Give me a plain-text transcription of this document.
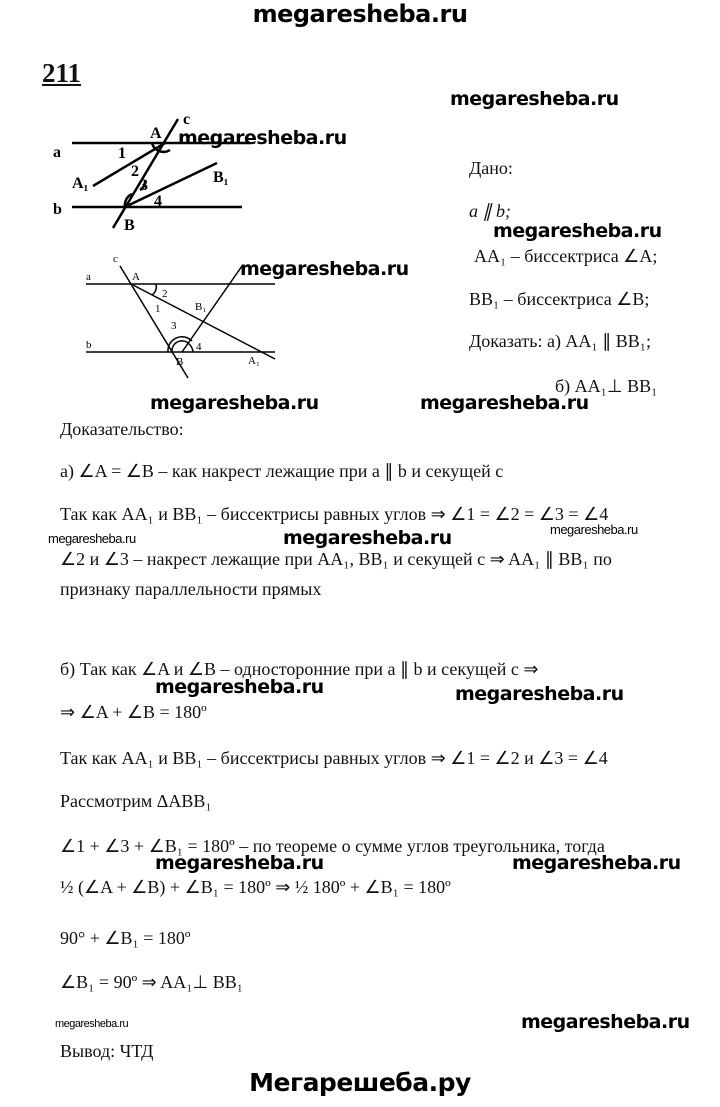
megaresheba.ru
211
a
b
c
A
B
A₁	B₁
1
2
3
4
a
b
c
A
B	A₁
B₁
1
2
3
4
Дано:
a ∥ b;
AA₁ – биссектриса ∠A;
BB₁ – биссектриса ∠B;
Доказать: а) AA₁ ∥ BB₁;
б) AA₁⊥ BB₁
Доказательство:
а) ∠A = ∠B – как накрест лежащие при a ∥ b и секущей c
Так как AA₁ и BB₁ – биссектрисы равных углов ⇒ ∠1 = ∠2 = ∠3 = ∠4
∠2 и ∠3 – накрест лежащие при AA₁, BB₁ и секущей c ⇒ AA₁ ∥ BB₁ по
признаку параллельности прямых
б) Так как ∠A и ∠B – односторонние при a ∥ b и секущей c ⇒
⇒ ∠A + ∠B = 180º
Так как AA₁ и BB₁ – биссектрисы равных углов ⇒ ∠1 = ∠2 и ∠3 = ∠4
Рассмотрим ΔABB₁
∠1 + ∠3 + ∠B₁ = 180º – по теореме о сумме углов треугольника, тогда
½ (∠A + ∠B) + ∠B₁ = 180º ⇒ ½ 180º + ∠B₁ = 180º
90° + ∠B₁ = 180º
∠B₁ = 90º ⇒ AA₁⊥ BB₁
Вывод: ЧТД
megaresheba.ru
megaresheba.ru
megaresheba.ru
megaresheba.ru
megaresheba.ru	megaresheba.ru
megaresheba.ru
megaresheba.ru	megaresheba.ru
megaresheba.ru	megaresheba.ru
megaresheba.ru
megaresheba.ru
megaresheba.ru
megaresheba.ru
Мегарешеба.ру
